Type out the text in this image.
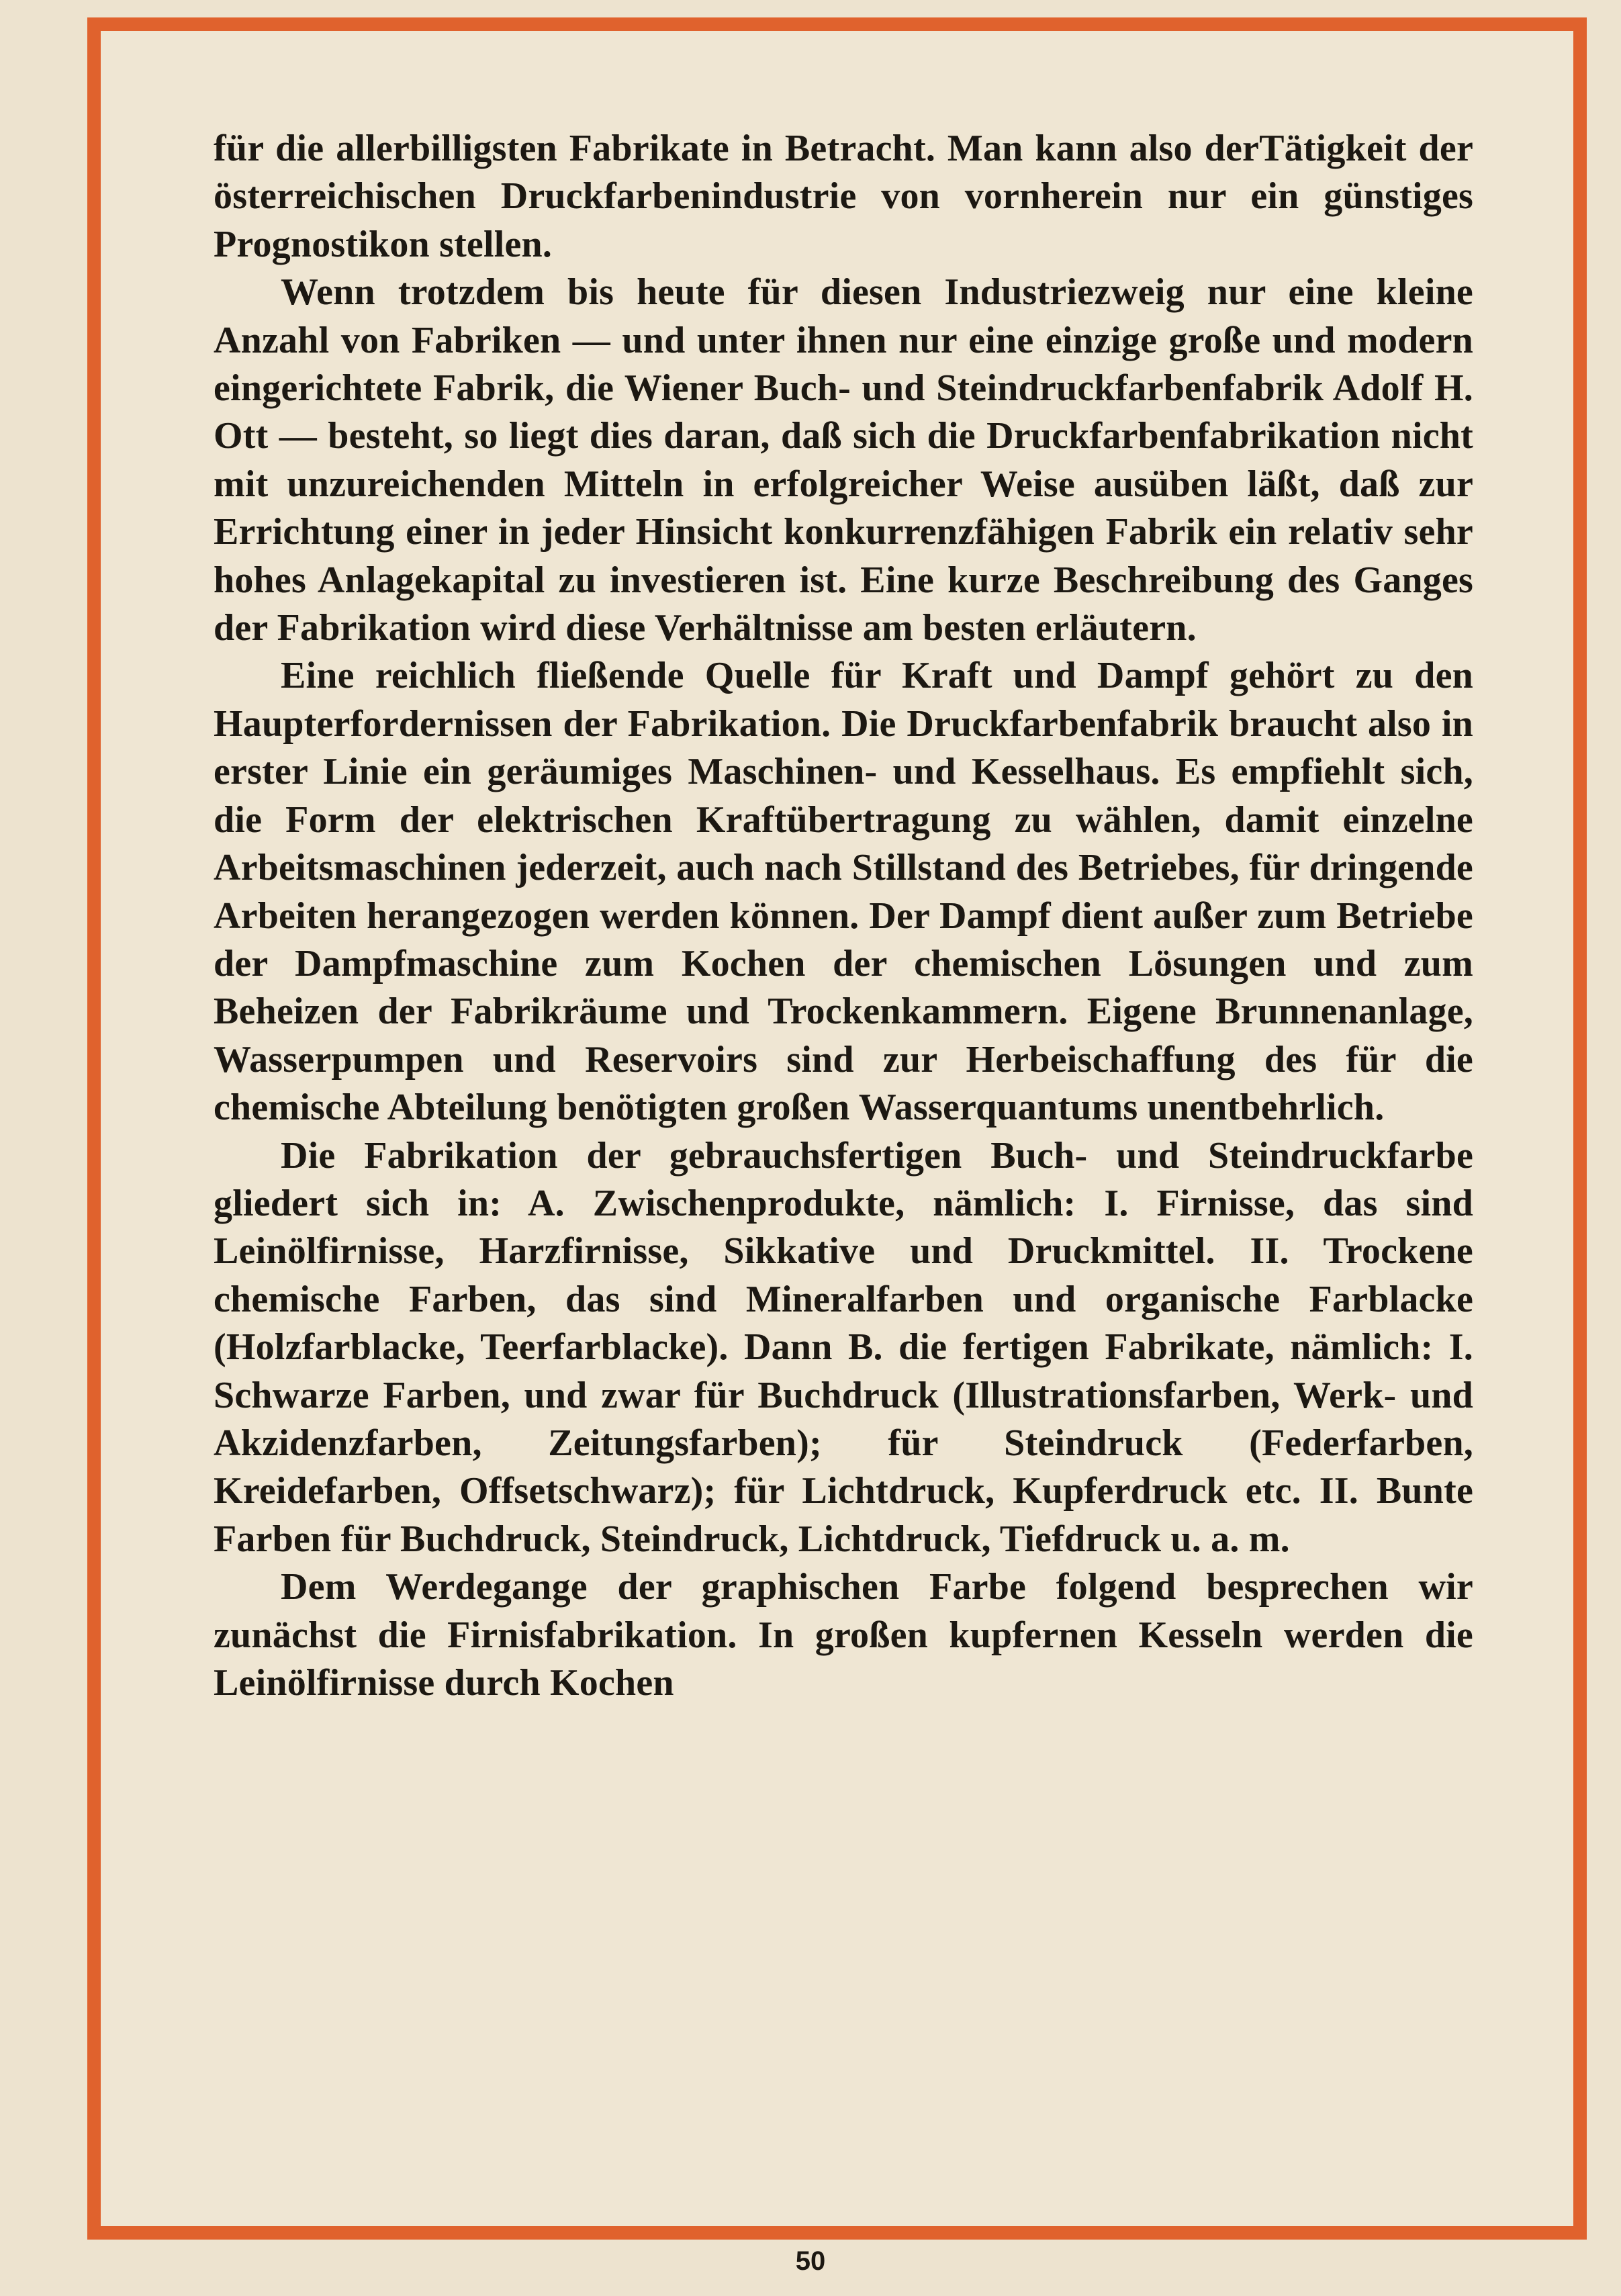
für die allerbilligsten Fabrikate in Betracht. Man kann also derTätigkeit der österreichischen Druckfarbenindustrie von vornherein nur ein günstiges Prognostikon stellen.

Wenn trotzdem bis heute für diesen Industriezweig nur eine kleine Anzahl von Fabriken — und unter ihnen nur eine einzige große und modern eingerichtete Fabrik, die Wiener Buch- und Steindruckfarbenfabrik Adolf H. Ott — besteht, so liegt dies daran, daß sich die Druckfarbenfabrikation nicht mit unzureichenden Mitteln in erfolgreicher Weise ausüben läßt, daß zur Errichtung einer in jeder Hinsicht konkurrenzfähigen Fabrik ein relativ sehr hohes Anlagekapital zu investieren ist. Eine kurze Beschreibung des Ganges der Fabrikation wird diese Verhältnisse am besten erläutern.

Eine reichlich fließende Quelle für Kraft und Dampf gehört zu den Haupterfordernissen der Fabrikation. Die Druckfarbenfabrik braucht also in erster Linie ein geräumiges Maschinen- und Kesselhaus. Es empfiehlt sich, die Form der elektrischen Kraftübertragung zu wählen, damit einzelne Arbeitsmaschinen jederzeit, auch nach Stillstand des Betriebes, für dringende Arbeiten herangezogen werden können. Der Dampf dient außer zum Betriebe der Dampfmaschine zum Kochen der chemischen Lösungen und zum Beheizen der Fabrikräume und Trockenkammern. Eigene Brunnenanlage, Wasserpumpen und Reservoirs sind zur Herbeischaffung des für die chemische Abteilung benötigten großen Wasserquantums unentbehrlich.

Die Fabrikation der gebrauchsfertigen Buch- und Steindruckfarbe gliedert sich in: A. Zwischenprodukte, nämlich: I. Firnisse, das sind Leinölfirnisse, Harzfirnisse, Sikkative und Druckmittel. II. Trockene chemische Farben, das sind Mineralfarben und organische Farblacke (Holzfarblacke, Teerfarblacke). Dann B. die fertigen Fabrikate, nämlich: I. Schwarze Farben, und zwar für Buchdruck (Illustrationsfarben, Werk- und Akzidenzfarben, Zeitungsfarben); für Steindruck (Federfarben, Kreidefarben, Offsetschwarz); für Lichtdruck, Kupferdruck etc. II. Bunte Farben für Buchdruck, Steindruck, Lichtdruck, Tiefdruck u. a. m.

Dem Werdegange der graphischen Farbe folgend besprechen wir zunächst die Firnisfabrikation. In großen kupfernen Kesseln werden die Leinölfirnisse durch Kochen

50
